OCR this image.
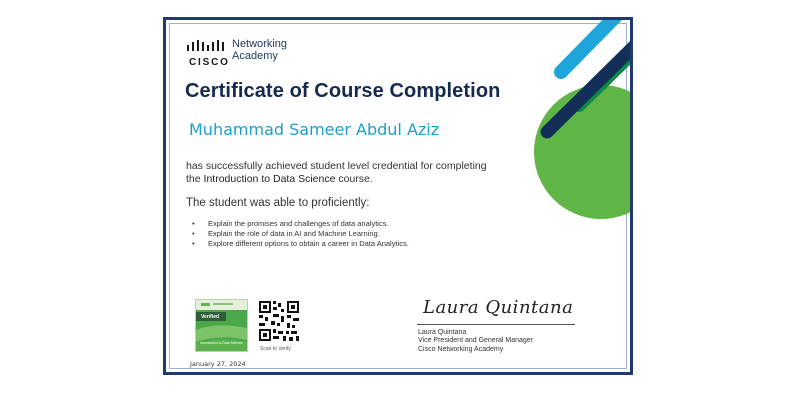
CISCO
Networking
Academy
Certificate of Course Completion
Muhammad Sameer Abdul Aziz
has successfully achieved student level credential for completing
the Introduction to Data Science course.
The student was able to proficiently:
•	Explain the promises and challenges of data analytics.
•	Explain the role of data in AI and Machine Learning.
•	Explore different options to obtain a career in Data Analytics.
Verified
Introduction to Data Science
January 27, 2024
Scan to Verify
Laura Quintana
Laura Quintana
Vice President and General Manager
Cisco Networking Academy
